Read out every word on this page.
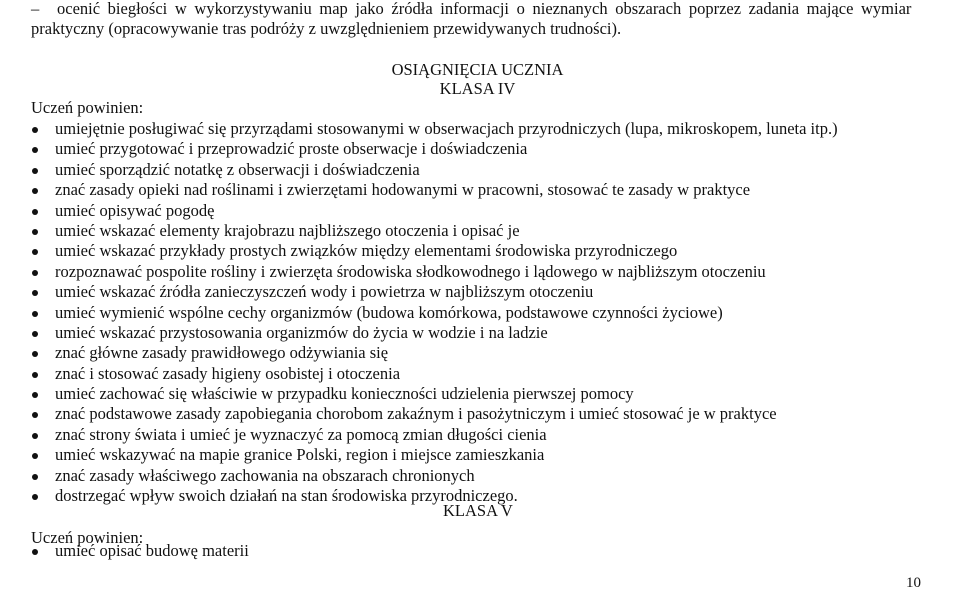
– ocenić biegłości w wykorzystywaniu map jako źródła informacji o nieznanych obszarach poprzez zadania mające wymiar
praktyczny (opracowywanie tras podróży z uwzględnieniem przewidywanych trudności).
OSIĄGNIĘCIA UCZNIA
KLASA IV
Uczeń powinien:
umiejętnie posługiwać się przyrządami stosowanymi w obserwacjach przyrodniczych (lupa, mikroskopem, luneta itp.)
umieć przygotować i przeprowadzić proste obserwacje i doświadczenia
umieć sporządzić notatkę z obserwacji i doświadczenia
znać zasady opieki nad roślinami i zwierzętami hodowanymi w pracowni, stosować te zasady w praktyce
umieć opisywać pogodę
umieć wskazać elementy krajobrazu najbliższego otoczenia i opisać je
umieć wskazać przykłady prostych związków między elementami środowiska przyrodniczego
rozpoznawać pospolite rośliny i zwierzęta środowiska słodkowodnego i lądowego w najbliższym otoczeniu
umieć wskazać źródła zanieczyszczeń wody i powietrza w najbliższym otoczeniu
umieć wymienić wspólne cechy organizmów (budowa komórkowa, podstawowe czynności życiowe)
umieć wskazać przystosowania organizmów do życia w wodzie i na ladzie
znać główne zasady prawidłowego odżywiania się
znać i stosować zasady higieny osobistej i otoczenia
umieć zachować się właściwie w przypadku konieczności udzielenia pierwszej pomocy
znać podstawowe zasady zapobiegania chorobom zakaźnym i pasożytniczym i umieć stosować je w praktyce
znać strony świata i umieć je wyznaczyć za pomocą zmian długości cienia
umieć wskazywać na mapie granice Polski, region i miejsce zamieszkania
znać zasady właściwego zachowania na obszarach chronionych
dostrzegać wpływ swoich działań na stan środowiska przyrodniczego.
KLASA V
Uczeń powinien:
umieć opisać budowę materii
10
